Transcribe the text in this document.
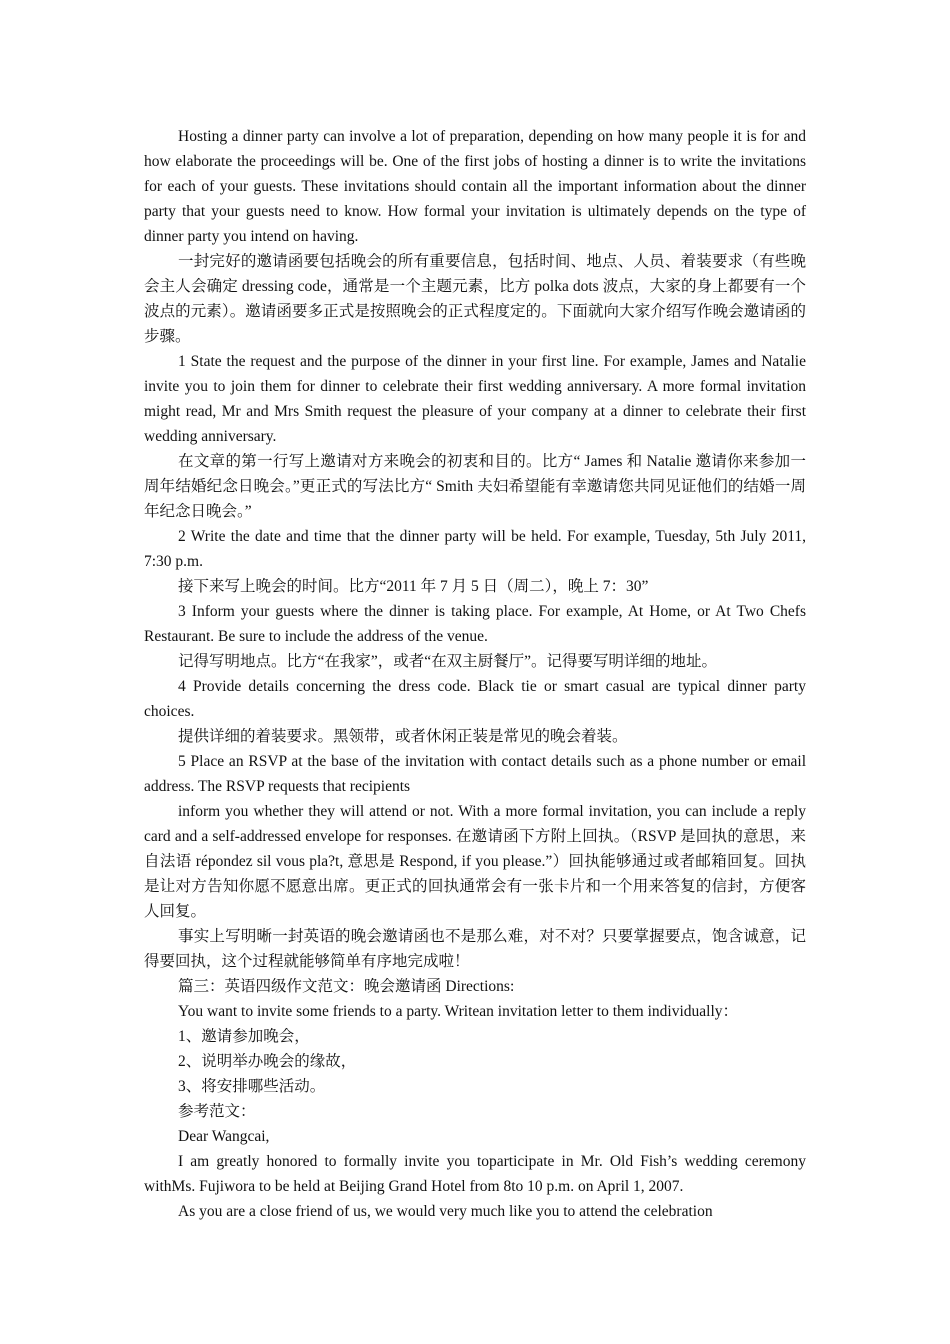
Hosting a dinner party can involve a lot of preparation, depending on how many people it is for and how elaborate the proceedings will be. One of the first jobs of hosting a dinner is to write the invitations for each of your guests. These invitations should contain all the important information about the dinner party that your guests need to know. How formal your invitation is ultimately depends on the type of dinner party you intend on having.

一封完好的邀请函要包括晚会的所有重要信息，包括时间、地点、人员、着装要求（有些晚会主人会确定 dressing code，通常是一个主题元素，比方 polka dots 波点，大家的身上都要有一个波点的元素）。邀请函要多正式是按照晚会的正式程度定的。下面就向大家介绍写作晚会邀请函的步骤。

1 State the request and the purpose of the dinner in your first line. For example, James and Natalie invite you to join them for dinner to celebrate their first wedding anniversary. A more formal invitation might read, Mr and Mrs Smith request the pleasure of your company at a dinner to celebrate their first wedding anniversary.

在文章的第一行写上邀请对方来晚会的初衷和目的。比方“ James 和 Natalie 邀请你来参加一周年结婚纪念日晚会。”更正式的写法比方“ Smith 夫妇希望能有幸邀请您共同见证他们的结婚一周年纪念日晚会。”

2 Write the date and time that the dinner party will be held. For example, Tuesday, 5th July 2011, 7:30 p.m.

接下来写上晚会的时间。比方“2011 年 7 月 5 日（周二），晚上 7：30”

3 Inform your guests where the dinner is taking place. For example, At Home, or At Two Chefs Restaurant. Be sure to include the address of the venue.

记得写明地点。比方“在我家”，或者“在双主厨餐厅”。记得要写明详细的地址。

4 Provide details concerning the dress code. Black tie or smart casual are typical dinner party choices.

提供详细的着装要求。黑领带，或者休闲正装是常见的晚会着装。

5 Place an RSVP at the base of the invitation with contact details such as a phone number or email address. The RSVP requests that recipients

inform you whether they will attend or not. With a more formal invitation, you can include a reply card and a self-addressed envelope for responses. 在邀请函下方附上回执。（RSVP 是回执的意思，来自法语 répondez sil vous pla?t, 意思是 Respond, if you please.”）回执能够通过或者邮箱回复。回执是让对方告知你愿不愿意出席。更正式的回执通常会有一张卡片和一个用来答复的信封，方便客人回复。

事实上写明晰一封英语的晚会邀请函也不是那么难，对不对？只要掌握要点，饱含诚意，记得要回执，这个过程就能够简单有序地完成啦！

篇三：英语四级作文范文：晚会邀请函 Directions:

You want to invite some friends to a party. Writean invitation letter to them individually：

1、邀请参加晚会，

2、说明举办晚会的缘故，

3、将安排哪些活动。

参考范文：

Dear Wangcai,

I am greatly honored to formally invite you toparticipate in Mr. Old Fish’s wedding ceremony withMs. Fujiwora to be held at Beijing Grand Hotel from 8to 10 p.m. on April 1, 2007.

As you are a close friend of us, we would very much like you to attend the celebration
